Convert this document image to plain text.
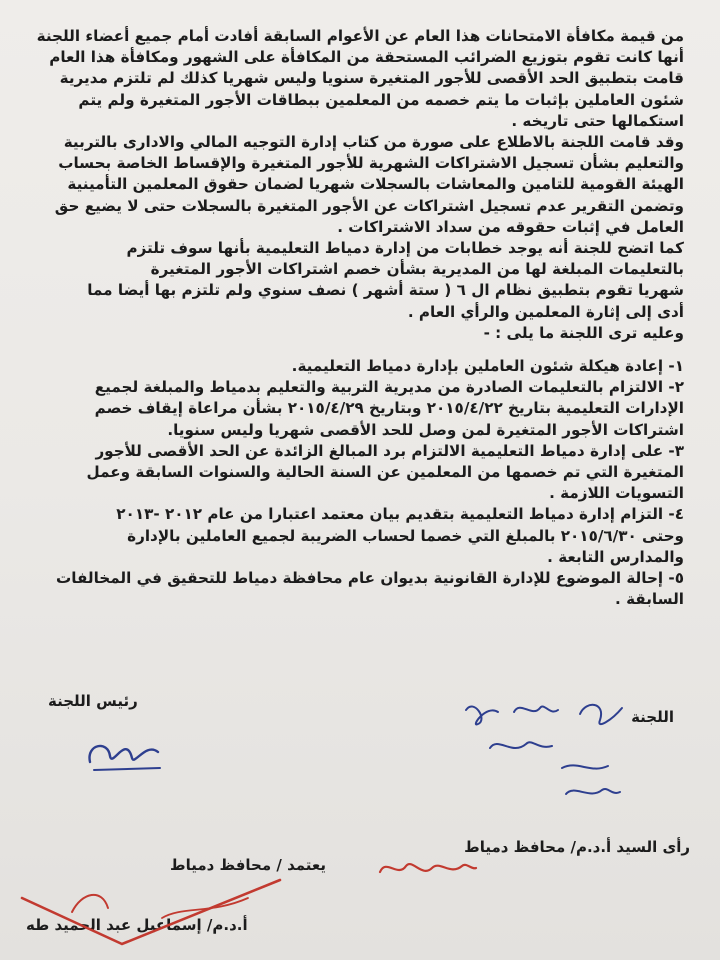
من قيمة مكافأة الامتحانات هذا العام عن الأعوام السابقة أفادت أمام جميع أعضاء اللجنة
أنها كانت تقوم بتوزيع الضرائب المستحقة من المكافأة على الشهور ومكافأة هذا العام
قامت بتطبيق الحد الأقصى للأجور المتغيرة سنويا وليس شهريا كذلك لم تلتزم مديرية
شئون العاملين بإثبات ما يتم خصمه من المعلمين ببطاقات الأجور المتغيرة ولم يتم
استكمالها حتى تاريخه .

وقد قامت اللجنة بالاطلاع على صورة من كتاب إدارة التوجيه المالي والادارى بالتربية
والتعليم بشأن تسجيل الاشتراكات الشهرية للأجور المتغيرة والإقساط الخاصة بحساب
الهيئة القومية للتامين والمعاشات بالسجلات شهريا لضمان حقوق المعلمين التأمينية
وتضمن التقرير عدم تسجيل اشتراكات عن الأجور المتغيرة بالسجلات حتى لا يضيع حق
العامل في إثبات حقوقه من سداد الاشتراكات .

كما اتضح للجنة أنه يوجد خطابات من إدارة دمياط التعليمية بأنها سوف تلتزم
بالتعليمات المبلغة لها من المديرية بشأن خصم اشتراكات الأجور المتغيرة
شهريا تقوم بتطبيق نظام ال ٦ ( ستة أشهر ) نصف سنوي ولم تلتزم بها أيضا مما
أدى إلى إثارة المعلمين والرأي العام .

وعليه ترى اللجنة ما يلى : -

١- إعادة هيكلة شئون العاملين بإدارة دمياط التعليمية.

٢- الالتزام بالتعليمات الصادرة من مديرية التربية والتعليم بدمياط والمبلغة لجميع
الإدارات التعليمية بتاريخ ٢٠١٥/٤/٢٢ وبتاريخ ٢٠١٥/٤/٢٩ بشأن مراعاة إيقاف خصم
اشتراكات الأجور المتغيرة لمن وصل للحد الأقصى شهريا وليس سنويا.

٣- على إدارة دمياط التعليمية الالتزام برد المبالغ الزائدة عن الحد الأقصى للأجور
المتغيرة التي تم خصمها من المعلمين عن السنة الحالية والسنوات السابقة وعمل
التسويات اللازمة .

٤- التزام إدارة دمياط التعليمية بتقديم بيان معتمد اعتبارا من عام ٢٠١٢ -٢٠١٣
وحتى ٢٠١٥/٦/٣٠ بالمبلغ التي خصما لحساب الضريبة لجميع العاملين بالإدارة
والمدارس التابعة .

٥- إحالة الموضوع للإدارة القانونية بديوان عام محافظة دمياط للتحقيق في المخالفات
السابقة .

رئيس اللجنة
اللجنة
رأى السيد أ.د.م/ محافظ دمياط
يعتمد / محافظ دمياط
أ.د.م/ إسماعيل عبد الحميد طه
